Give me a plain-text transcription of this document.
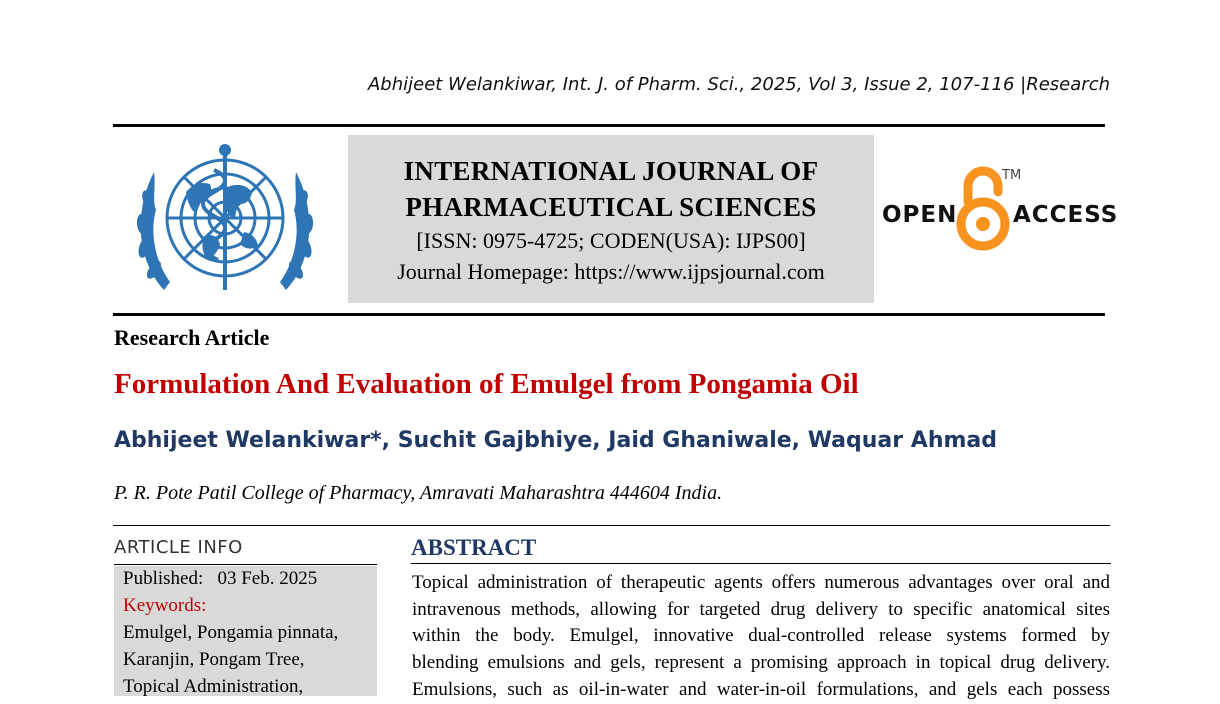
Abhijeet Welankiwar, Int. J. of Pharm. Sci., 2025, Vol 3, Issue 2, 107-116 |Research
INTERNATIONAL JOURNAL OF
PHARMACEUTICAL SCIENCES
[ISSN: 0975-4725; CODEN(USA): IJPS00]
Journal Homepage: https://www.ijpsjournal.com
OPEN
TM
ACCESS
Research Article
Formulation And Evaluation of Emulgel from Pongamia Oil
Abhijeet Welankiwar*, Suchit Gajbhiye, Jaid Ghaniwale, Waquar Ahmad
P. R. Pote Patil College of Pharmacy, Amravati Maharashtra 444604 India.
ARTICLE INFO
Published: 03 Feb. 2025
Keywords:
Emulgel, Pongamia pinnata,
Karanjin, Pongam Tree,
Topical Administration,
ABSTRACT
Topical administration of therapeutic agents offers numerous advantages over oral and
intravenous methods, allowing for targeted drug delivery to specific anatomical sites
within the body. Emulgel, innovative dual-controlled release systems formed by
blending emulsions and gels, represent a promising approach in topical drug delivery.
Emulsions, such as oil-in-water and water-in-oil formulations, and gels each possess
